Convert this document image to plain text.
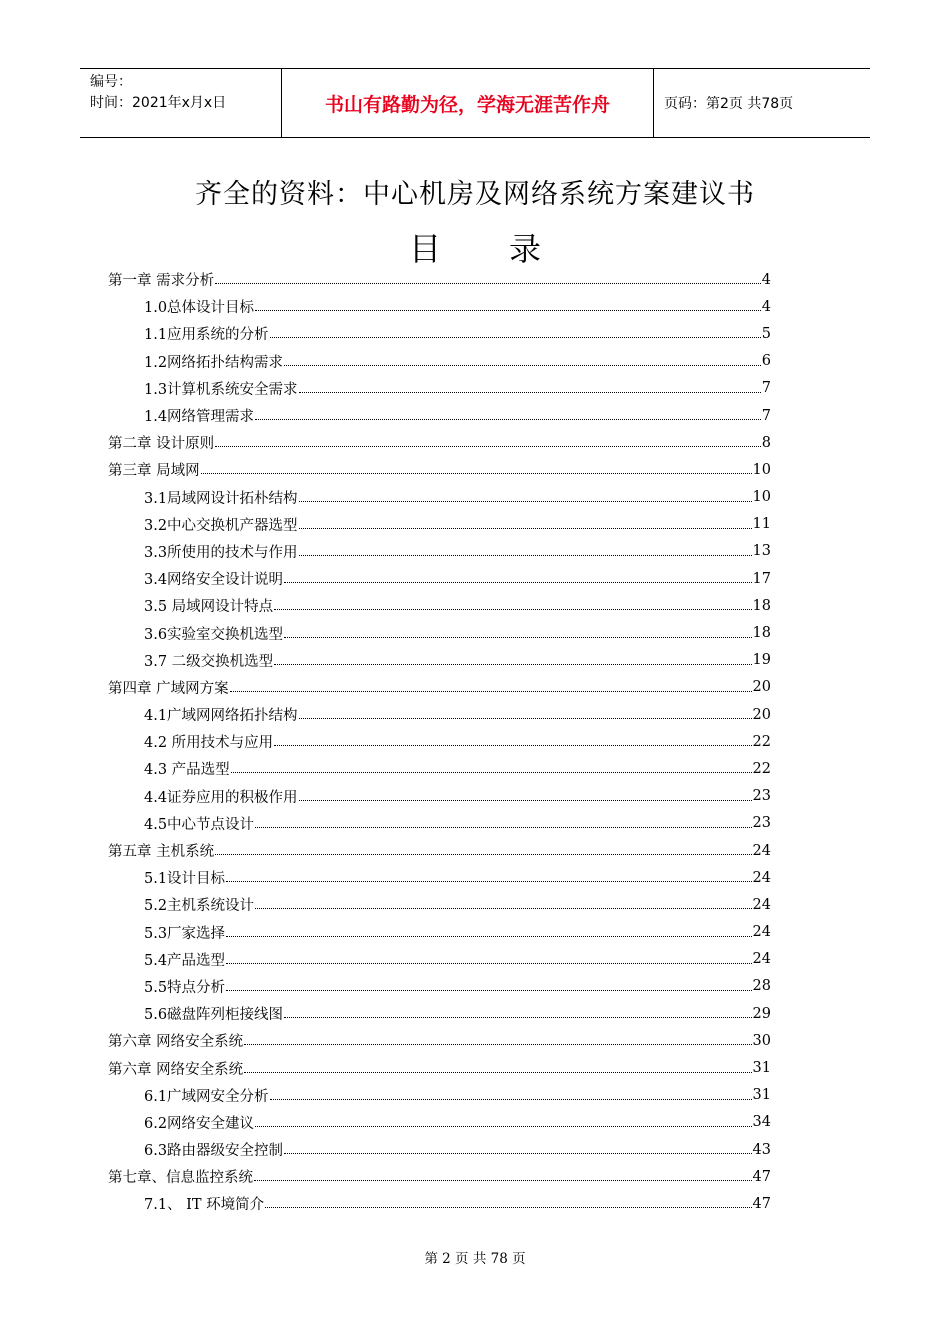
编号：
时间：2021年x月x日	书山有路勤为径，学海无涯苦作舟	页码：第2页 共78页
齐全的资料：中心机房及网络系统方案建议书
目 录
第一章 需求分析	4
1.0总体设计目标	4
1.1应用系统的分析	5
1.2网络拓扑结构需求	6
1.3计算机系统安全需求	7
1.4网络管理需求	7
第二章 设计原则	8
第三章 局域网	10
3.1局域网设计拓朴结构	10
3.2中心交换机产器选型	11
3.3所使用的技术与作用	13
3.4网络安全设计说明	17
3.5 局域网设计特点	18
3.6实验室交换机选型	18
3.7 二级交换机选型	19
第四章 广域网方案	20
4.1广域网网络拓扑结构	20
4.2 所用技术与应用	22
4.3 产品选型	22
4.4证券应用的积极作用	23
4.5中心节点设计	23
第五章 主机系统	24
5.1设计目标	24
5.2主机系统设计	24
5.3厂家选择	24
5.4产品选型	24
5.5特点分析	28
5.6磁盘阵列柜接线图	29
第六章 网络安全系统	30
第六章 网络安全系统	31
6.1广域网安全分析	31
6.2网络安全建议	34
6.3路由器级安全控制	43
第七章、信息监控系统	47
7.1、 IT 环境简介	47
第 2 页 共 78 页
